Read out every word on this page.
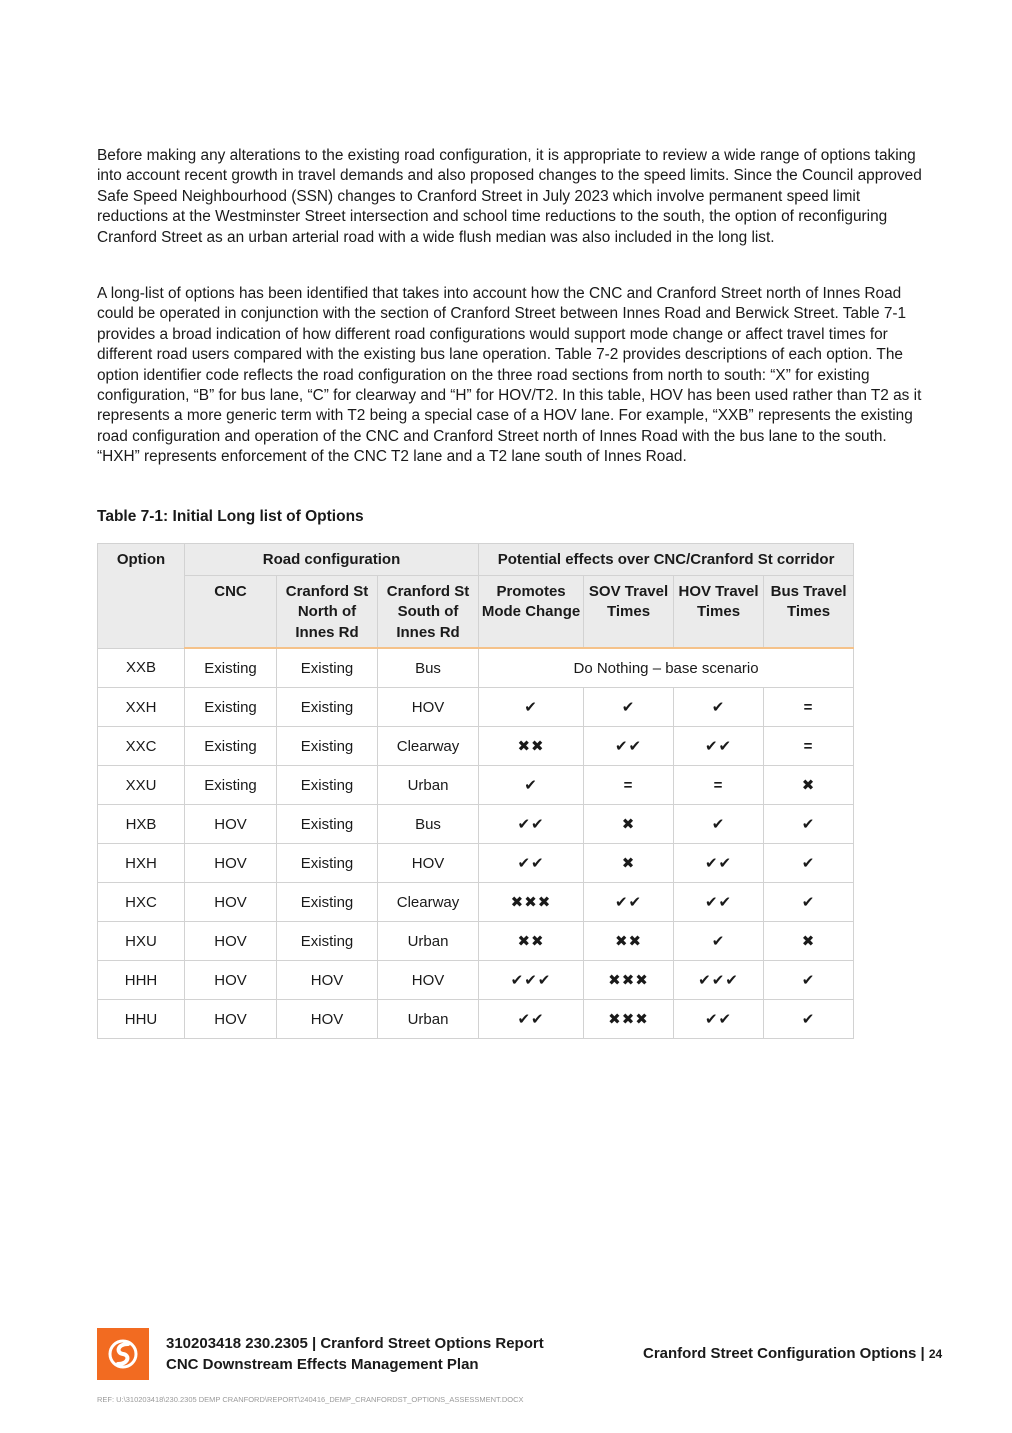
Before making any alterations to the existing road configuration, it is appropriate to review a wide range of options taking into account recent growth in travel demands and also proposed changes to the speed limits. Since the Council approved Safe Speed Neighbourhood (SSN) changes to Cranford Street in July 2023 which involve permanent speed limit reductions at the Westminster Street intersection and school time reductions to the south, the option of reconfiguring Cranford Street as an urban arterial road with a wide flush median was also included in the long list.

A long-list of options has been identified that takes into account how the CNC and Cranford Street north of Innes Road could be operated in conjunction with the section of Cranford Street between Innes Road and Berwick Street. Table 7-1 provides a broad indication of how different road configurations would support mode change or affect travel times for different road users compared with the existing bus lane operation. Table 7-2 provides descriptions of each option. The option identifier code reflects the road configuration on the three road sections from north to south: “X” for existing configuration, “B” for bus lane, “C” for clearway and “H” for HOV/T2. In this table, HOV has been used rather than T2 as it represents a more generic term with T2 being a special case of a HOV lane. For example, “XXB” represents the existing road configuration and operation of the CNC and Cranford Street north of Innes Road with the bus lane to the south. “HXH” represents enforcement of the CNC T2 lane and a T2 lane south of Innes Road.

Table 7-1: Initial Long list of Options

Option	Road configuration			Potential effects over CNC/Cranford St corridor			
	CNC	Cranford St North of Innes Rd	Cranford St South of Innes Rd	Promotes Mode Change	SOV Travel Times	HOV Travel Times	Bus Travel Times
XXB	Existing	Existing	Bus	Do Nothing – base scenario			
XXH	Existing	Existing	HOV	✔	✔	✔	=
XXC	Existing	Existing	Clearway	✖✖	✔✔	✔✔	=
XXU	Existing	Existing	Urban	✔	=	=	✖
HXB	HOV	Existing	Bus	✔✔	✖	✔	✔
HXH	HOV	Existing	HOV	✔✔	✖	✔✔	✔
HXC	HOV	Existing	Clearway	✖✖✖	✔✔	✔✔	✔
HXU	HOV	Existing	Urban	✖✖	✖✖	✔	✖
HHH	HOV	HOV	HOV	✔✔✔	✖✖✖	✔✔✔	✔
HHU	HOV	HOV	Urban	✔✔	✖✖✖	✔✔	✔
310203418 230.2305 | Cranford Street Options Report
CNC Downstream Effects Management Plan
Cranford Street Configuration Options | 24
REF: U:\310203418\230.2305 DEMP CRANFORD\REPORT\240416_DEMP_CRANFORDST_OPTIONS_ASSESSMENT.DOCX
